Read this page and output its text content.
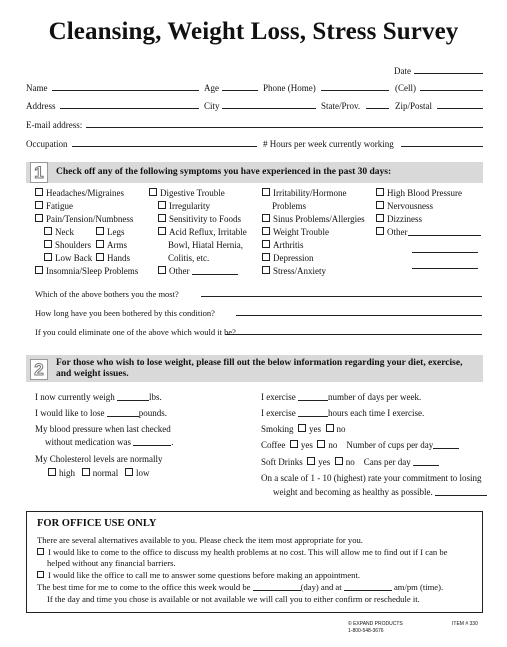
Cleansing, Weight Loss, Stress Survey
Date
Name	Age	Phone (Home)	(Cell)
Address	City	State/Prov.	Zip/Postal
E-mail address:
Occupation	# Hours per week currently working
1	Check off any of the following symptoms you have experienced in the past 30 days:
Headaches/Migraines
Fatigue
Pain/Tension/Numbness
Neck	Legs
Shoulders	Arms
Low Back	Hands
Insomnia/Sleep Problems
Digestive Trouble
Irregularity
Sensitivity to Foods
Acid Reflux, Irritable
Bowl, Hiatal Hernia,
Colitis, etc.
Other
Irritability/Hormone
Problems
Sinus Problems/Allergies
Weight Trouble
Arthritis
Depression
Stress/Anxiety
High Blood Pressure
Nervousness
Dizziness
Other
Which of the above bothers you the most?
How long have you been bothered by this condition?
If you could eliminate one of the above which would it be?
2	For those who wish to lose weight, please fill out the below information regarding your diet, exercise, and weight issues.
I now currently weigh	lbs.
I would like to lose	pounds.
My blood pressure when last checked
without medication was	.
My Cholesterol levels are normally
high normal low
I exercise	number of days per week.
I exercise	hours each time I exercise.
Smoking yes no
Coffee yes no Number of cups per day
Soft Drinks yes no Cans per day
On a scale of 1 - 10 (highest) rate your commitment to losing
weight and becoming as healthy as possible.
FOR OFFICE USE ONLY
There are several alternatives available to you. Please check the item most appropriate for you.
I would like to come to the office to discuss my health problems at no cost. This will allow me to find out if I can be
helped without any financial barriers.
I would like the office to call me to answer some questions before making an appointment.
The best time for me to come to the office this week would be	(day) and at	am/pm (time).
If the day and time you chose is available or not available we will call you to either confirm or reschedule it.
© EXPAND PRODUCTS
1-800-548-3676
ITEM # 330
